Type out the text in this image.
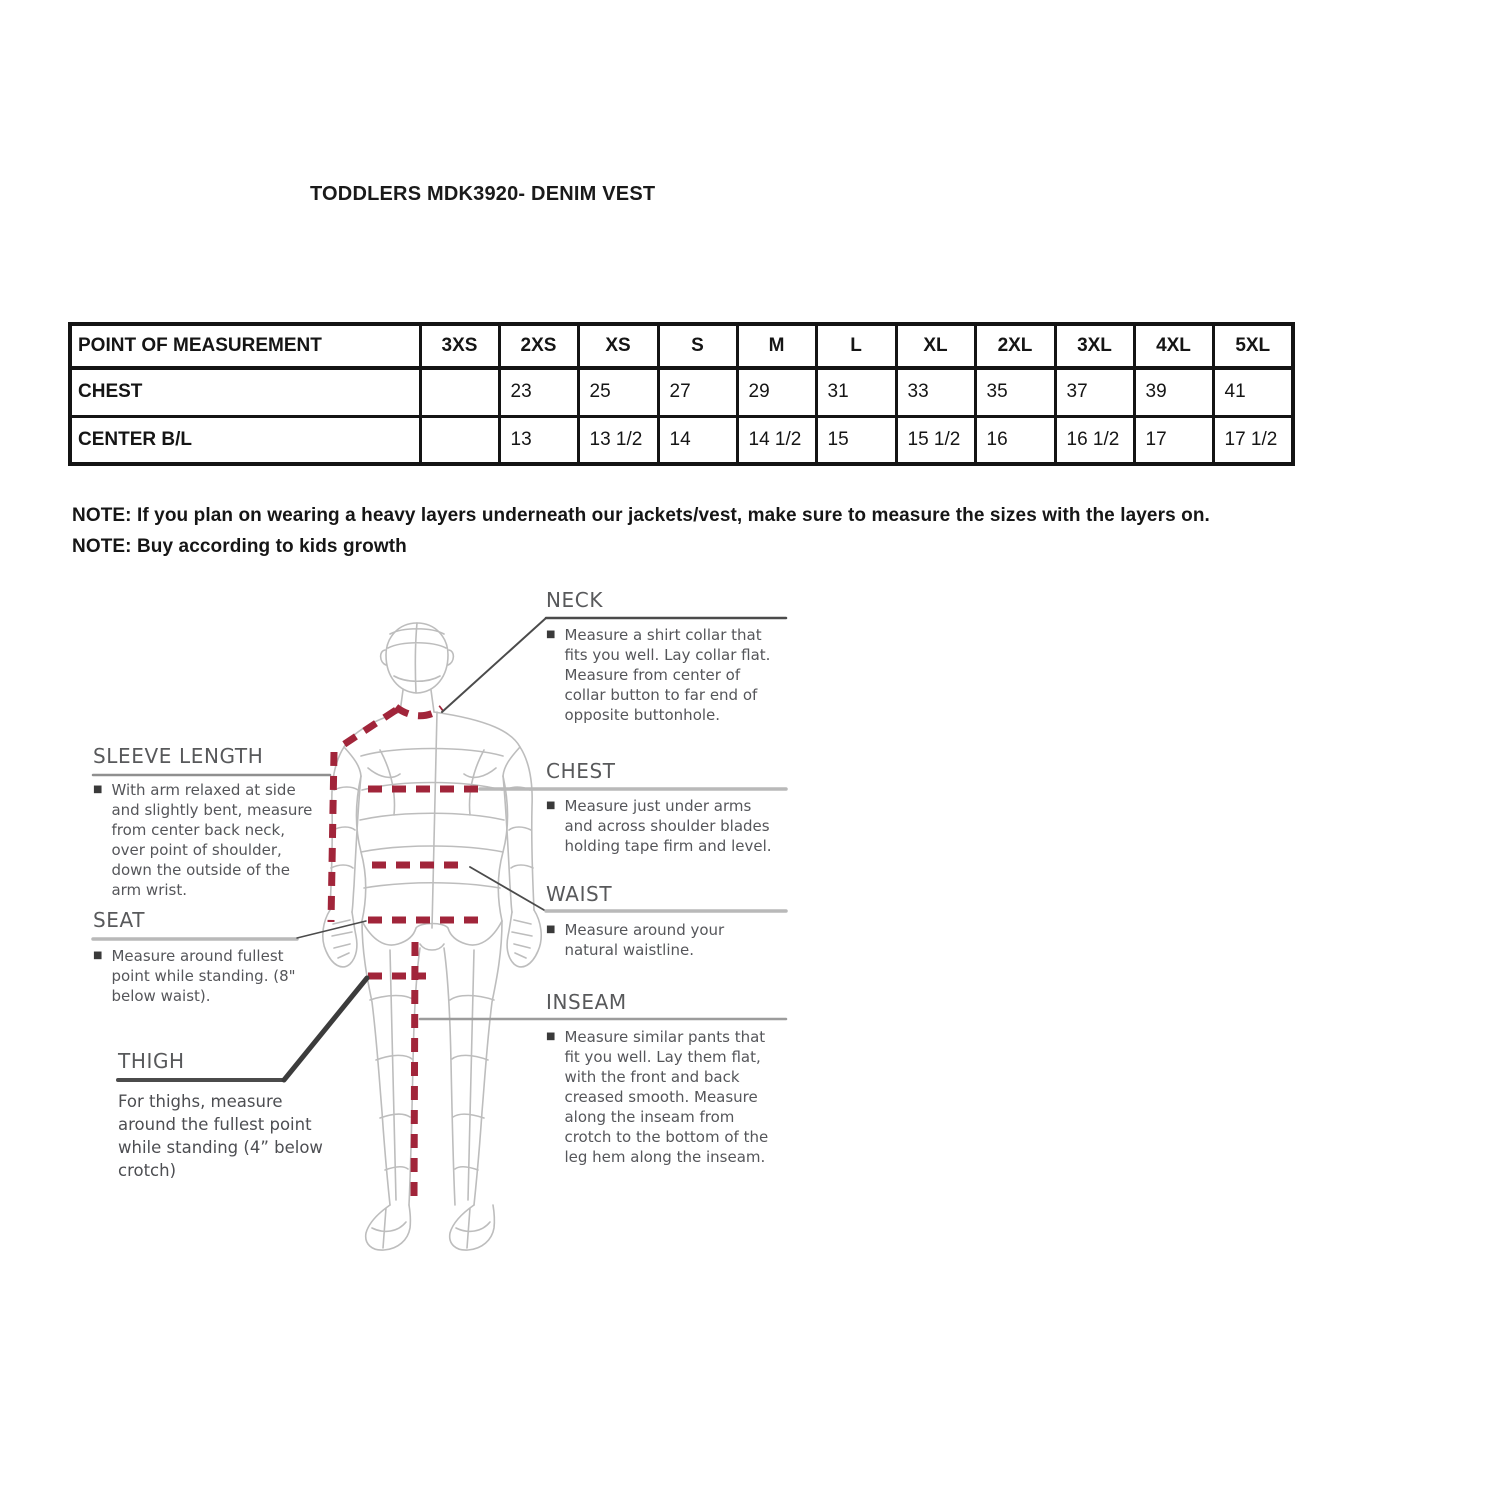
TODDLERS MDK3920- DENIM VEST
POINT OF MEASUREMENT	3XS	2XS	XS	S	M	L	XL	2XL	3XL	4XL	5XL
CHEST		23	25	27	29	31	33	35	37	39	41
CENTER B/L		13	13 1/2	14	14 1/2	15	15 1/2	16	16 1/2	17	17 1/2
NOTE: If you plan on wearing a heavy layers underneath our jackets/vest, make sure to measure the sizes with the layers on.
NOTE: Buy according to kids growth
NECK
■ Measure a shirt collar that fits you well. Lay collar flat. Measure from center of collar button to far end of opposite buttonhole.
CHEST
■ Measure just under arms and across shoulder blades holding tape firm and level.
WAIST
■ Measure around your natural waistline.
INSEAM
■ Measure similar pants that fit you well. Lay them flat, with the front and back creased smooth. Measure along the inseam from crotch to the bottom of the leg hem along the inseam.
SLEEVE LENGTH
■ With arm relaxed at side and slightly bent, measure from center back neck, over point of shoulder, down the outside of the arm wrist.
SEAT
■ Measure around fullest point while standing. (8" below waist).
THIGH
For thighs, measure around the fullest point while standing (4” below crotch)
